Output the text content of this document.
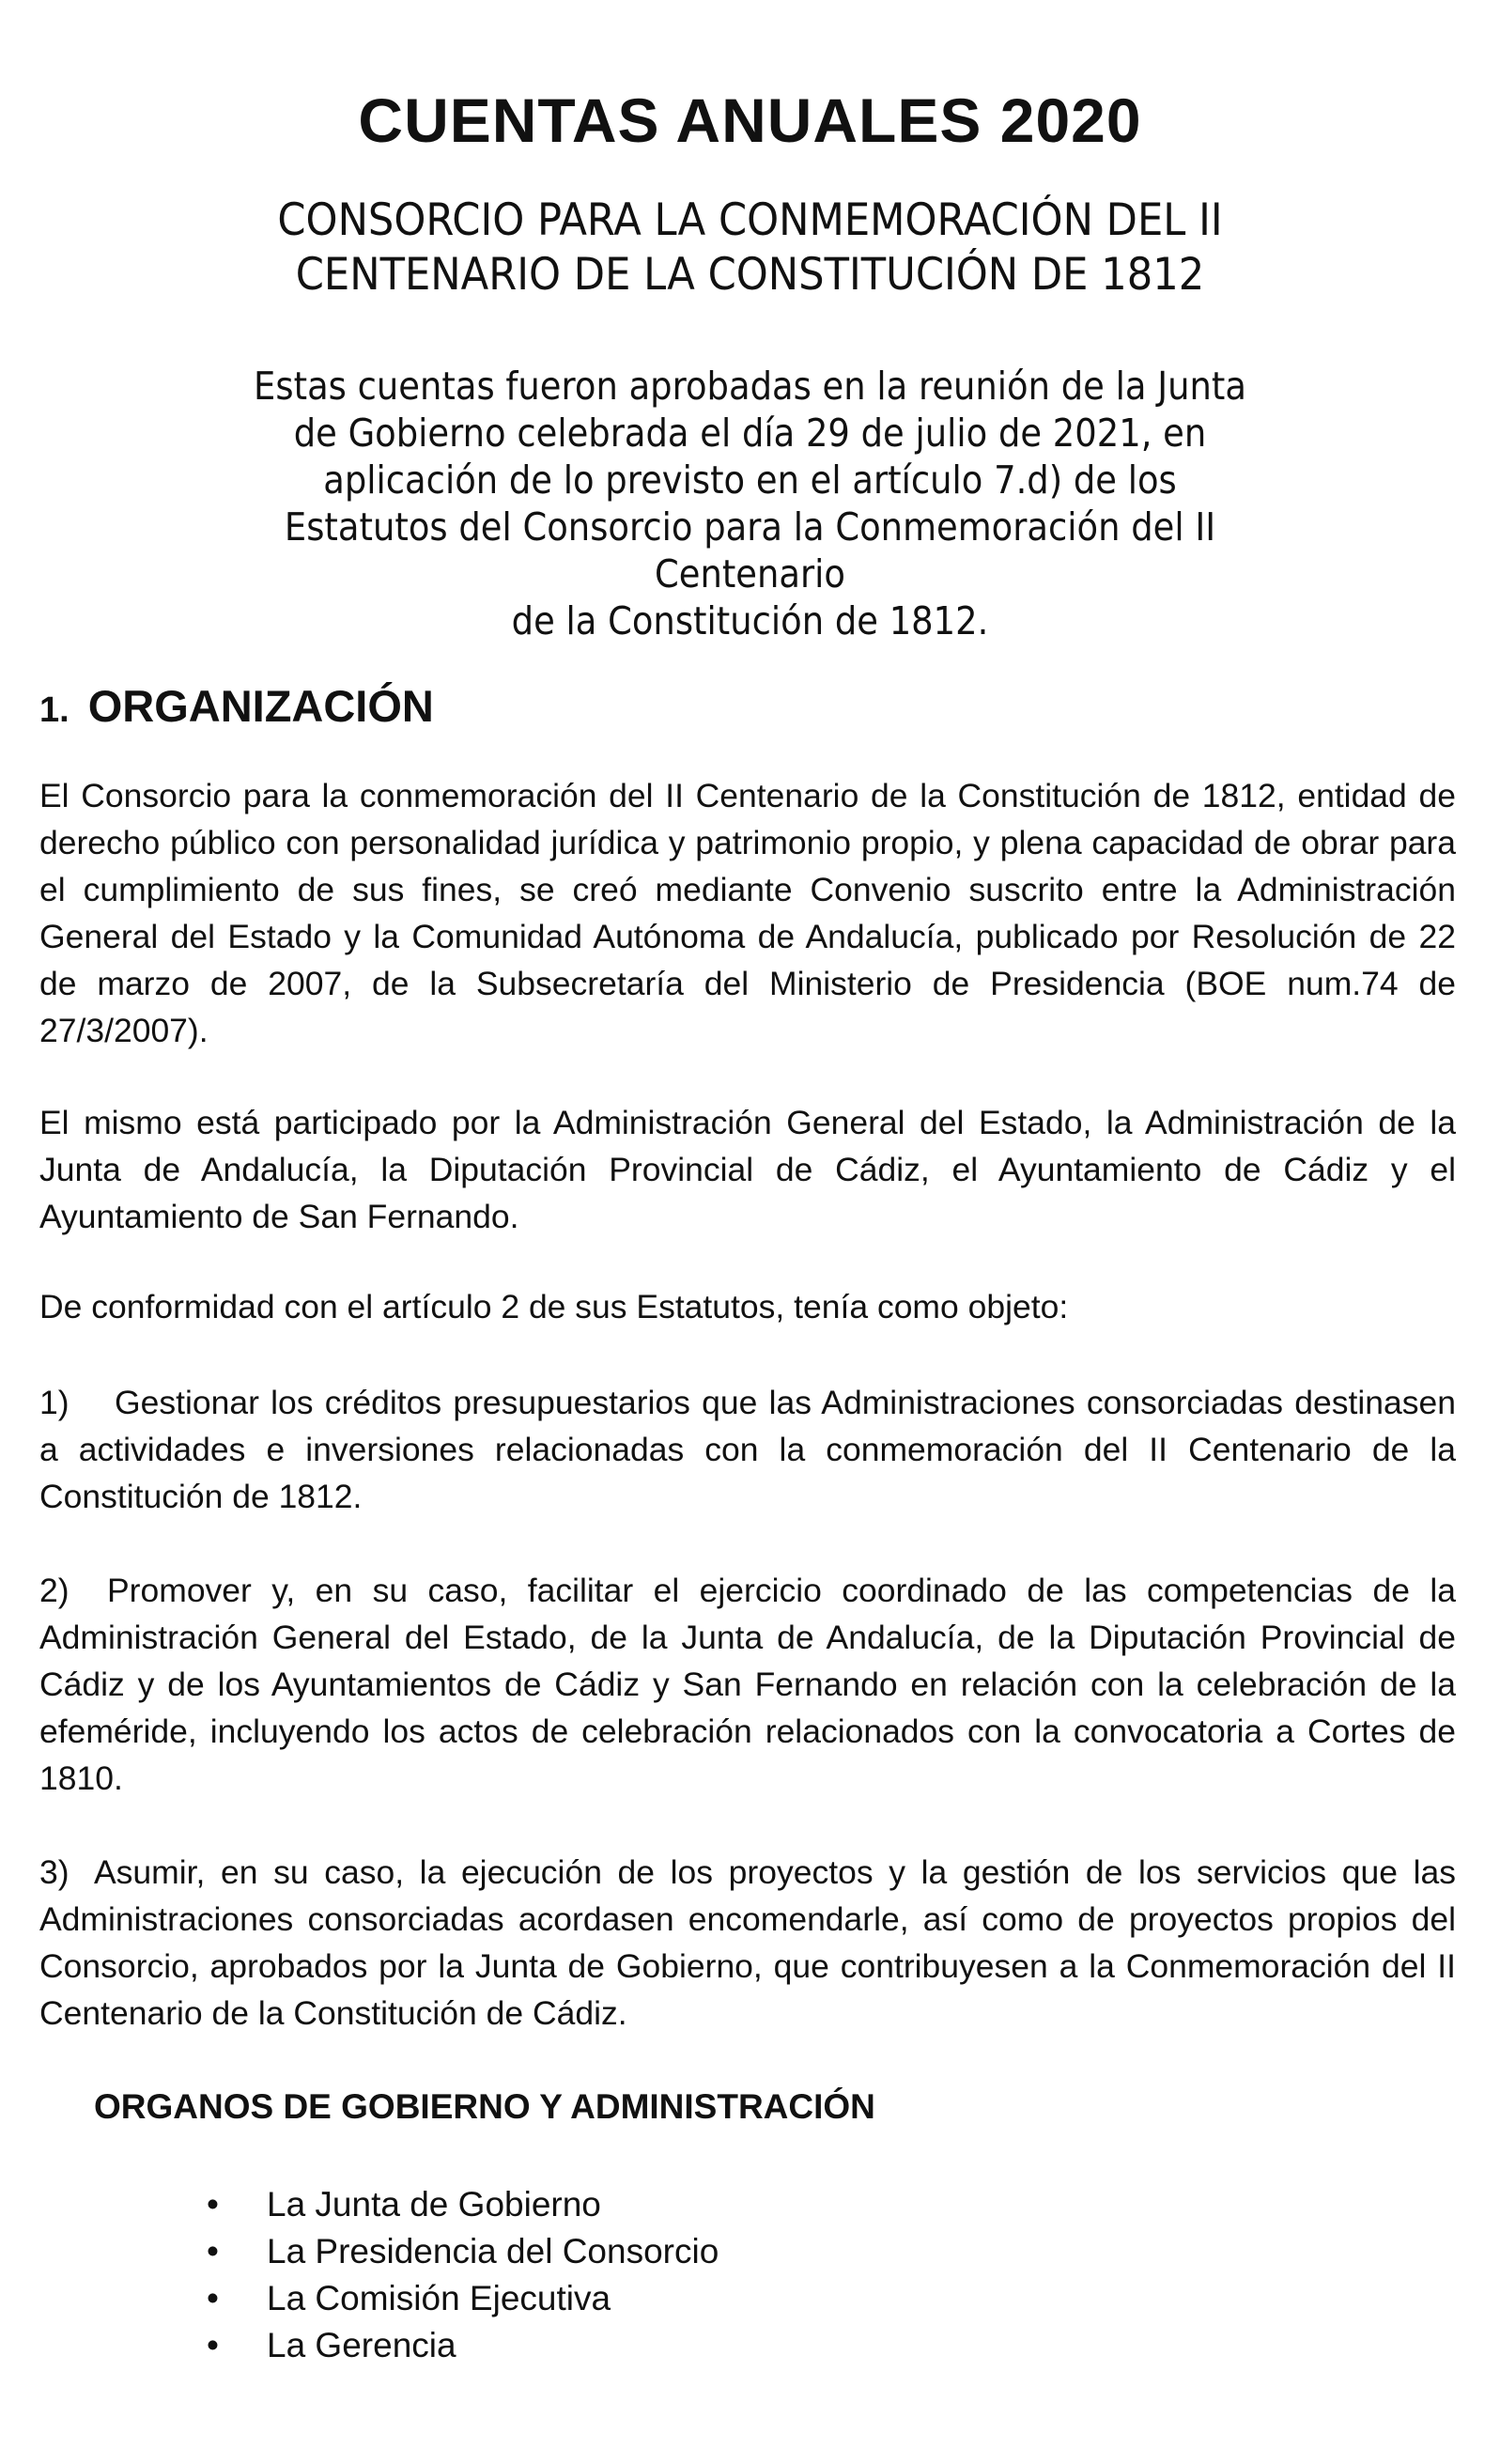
CUENTAS ANUALES 2020
CONSORCIO PARA LA CONMEMORACIÓN DEL II
CENTENARIO DE LA CONSTITUCIÓN DE 1812
Estas cuentas fueron aprobadas en la reunión de la Junta
de Gobierno celebrada el día 29 de julio de 2021, en
aplicación de lo previsto en el artículo 7.d) de los
Estatutos del Consorcio para la Conmemoración del II Centenario
de la Constitución de 1812.
1. ORGANIZACIÓN

El Consorcio para la conmemoración del II Centenario de la Constitución de 1812, entidad de derecho público con personalidad jurídica y patrimonio propio, y plena capacidad de obrar para el cumplimiento de sus fines, se creó mediante Convenio suscrito entre la Administración General del Estado y la Comunidad Autónoma de Andalucía, publicado por Resolución de 22 de marzo de 2007, de la Subsecretaría del Ministerio de Presidencia (BOE num.74 de 27/3/2007).

El mismo está participado por la Administración General del Estado, la Administración de la Junta de Andalucía, la Diputación Provincial de Cádiz, el Ayuntamiento de Cádiz y el Ayuntamiento de San Fernando.

De conformidad con el artículo 2 de sus Estatutos, tenía como objeto:

1) Gestionar los créditos presupuestarios que las Administraciones consorciadas destinasen a actividades e inversiones relacionadas con la conmemoración del II Centenario de la Constitución de 1812.

2) Promover y, en su caso, facilitar el ejercicio coordinado de las competencias de la Administración General del Estado, de la Junta de Andalucía, de la Diputación Provincial de Cádiz y de los Ayuntamientos de Cádiz y San Fernando en relación con la celebración de la efeméride, incluyendo los actos de celebración relacionados con la convocatoria a Cortes de 1810.

3) Asumir, en su caso, la ejecución de los proyectos y la gestión de los servicios que las Administraciones consorciadas acordasen encomendarle, así como de proyectos propios del Consorcio, aprobados por la Junta de Gobierno, que contribuyesen a la Conmemoración del II Centenario de la Constitución de Cádiz.

ORGANOS DE GOBIERNO Y ADMINISTRACIÓN
• La Junta de Gobierno
• La Presidencia del Consorcio
• La Comisión Ejecutiva
• La Gerencia
